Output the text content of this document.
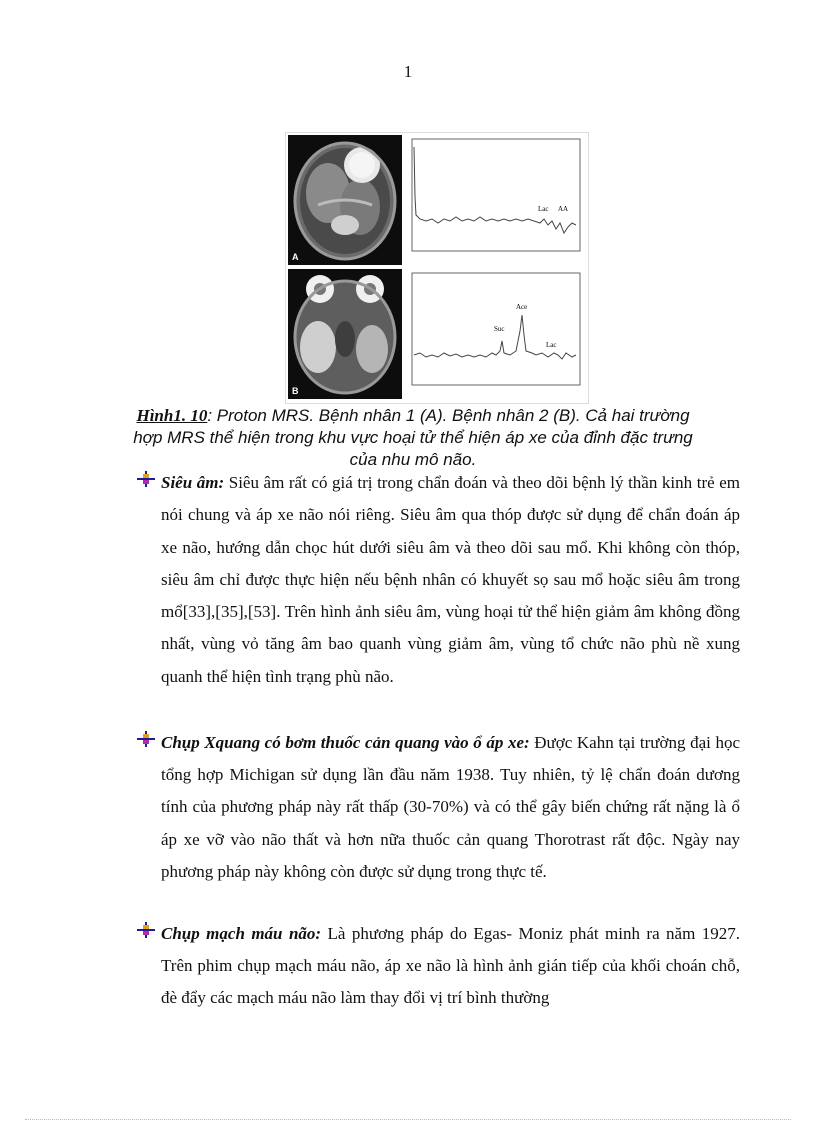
1
A
Lac AA
B
Suc
Ace
Lac
Hình1. 10: Proton MRS. Bệnh nhân 1 (A). Bệnh nhân 2 (B). Cả hai trường hợp MRS thể hiện trong khu vực hoại tử thể hiện áp xe của đỉnh đặc trưng của nhu mô não.

Siêu âm: Siêu âm rất có giá trị trong chẩn đoán và theo dõi bệnh lý thần kinh trẻ em nói chung và áp xe não nói riêng. Siêu âm qua thóp được sử dụng để chẩn đoán áp xe não, hướng dẫn chọc hút dưới siêu âm và theo dõi sau mổ. Khi không còn thóp, siêu âm chỉ được thực hiện nếu bệnh nhân có khuyết sọ sau mổ hoặc siêu âm trong mổ[33],[35],[53]. Trên hình ảnh siêu âm, vùng hoại tử thể hiện giảm âm không đồng nhất, vùng vỏ tăng âm bao quanh vùng giảm âm, vùng tổ chức não phù nề xung quanh thể hiện tình trạng phù não.

Chụp Xquang có bơm thuốc cản quang vào ổ áp xe: Được Kahn tại trường đại học tổng hợp Michigan sử dụng lần đầu năm 1938. Tuy nhiên, tỷ lệ chẩn đoán dương tính của phương pháp này rất thấp (30-70%) và có thể gây biến chứng rất nặng là ổ áp xe vỡ vào não thất và hơn nữa thuốc cản quang Thorotrast rất độc. Ngày nay phương pháp này không còn được sử dụng trong thực tế.

Chụp mạch máu não: Là phương pháp do Egas- Moniz phát minh ra năm 1927. Trên phim chụp mạch máu não, áp xe não là hình ảnh gián tiếp của khối choán chỗ, đè đẩy các mạch máu não làm thay đổi vị trí bình thường
